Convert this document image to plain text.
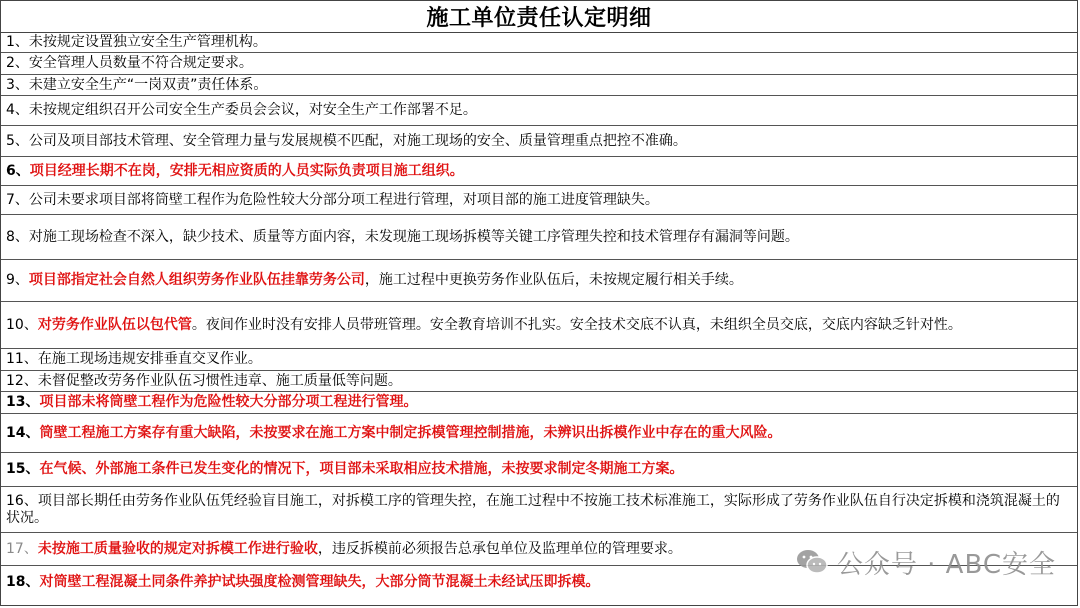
施工单位责任认定明细
1、 未按规定设置独立安全生产管理机构。
2、 安全管理人员数量不符合规定要求。
3、 未建立安全生产“一岗双责”责任体系。
4、 未按规定组织召开公司安全生产委员会会议，对安全生产工作部署不足。
5、 公司及项目部技术管理、安全管理力量与发展规模不匹配，对施工现场的安全、质量管理重点把控不准确。
6、 项目经理长期不在岗，安排无相应资质的人员实际负责项目施工组织。
7、 公司未要求项目部将筒壁工程作为危险性较大分部分项工程进行管理，对项目部的施工进度管理缺失。
8、 对施工现场检查不深入，缺少技术、质量等方面内容，未发现施工现场拆模等关键工序管理失控和技术管理存有漏洞等问题。
9、 项目部指定社会自然人组织劳务作业队伍挂靠劳务公司 ，施工过程中更换劳务作业队伍后，未按规定履行相关手续。
10、 对劳务作业队伍以包代管 。夜间作业时没有安排人员带班管理。安全教育培训不扎实。安全技术交底不认真，未组织全员交底，交底内容缺乏针对性。
11、 在施工现场违规安排垂直交叉作业。
12、 未督促整改劳务作业队伍习惯性违章、施工质量低等问题。
13、 项目部未将筒壁工程作为危险性较大分部分项工程进行管理。
14、 筒壁工程施工方案存有重大缺陷，未按要求在施工方案中制定拆模管理控制措施，未辨识出拆模作业中存在的重大风险。
15、 在气候、外部施工条件已发生变化的情况下，项目部未采取相应技术措施，未按要求制定冬期施工方案。
16、项目部长期任由劳务作业队伍凭经验盲目施工，对拆模工序的管理失控，在施工过程中不按施工技术标准施工，实际形成了劳务作业队伍自行决定拆模和浇筑混凝土的状况。
17、 未按施工质量验收的规定对拆模工作进行验收 ，违反拆模前必须报告总承包单位及监理单位的管理要求。
18、 对筒壁工程混凝土同条件养护试块强度检测管理缺失，大部分筒节混凝土未经试压即拆模。
公众号 · ABC安全
